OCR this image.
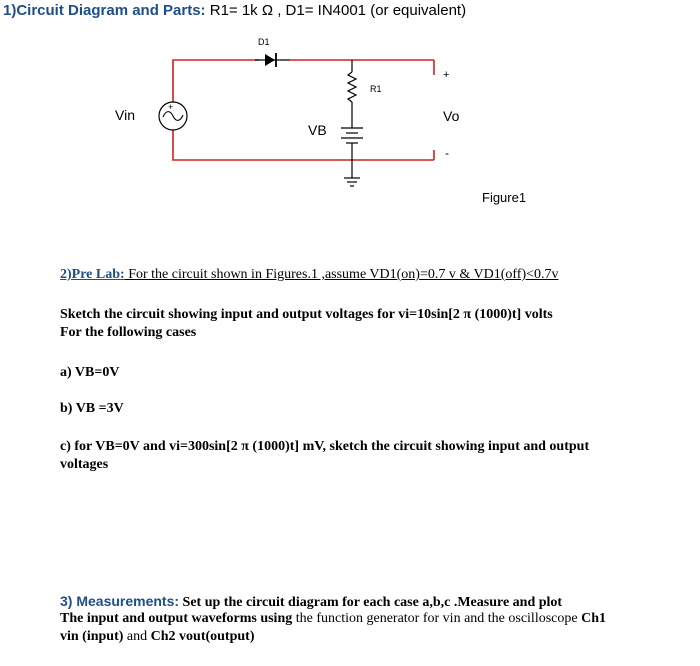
1)Circuit Diagram and Parts: R1= 1k Ω , D1= IN4001 (or equivalent)
D1
R1
VB
+
Vin
+
Vo
-
Figure1
2)Pre Lab: For the circuit shown in Figures.1 ,assume VD1(on)=0.7 v & VD1(off)<0.7v
Sketch the circuit showing input and output voltages for vi=10sin[2 π (1000)t] volts
For the following cases
a) VB=0V
b) VB =3V
c) for VB=0V and vi=300sin[2 π (1000)t] mV, sketch the circuit showing input and output
voltages
3) Measurements: Set up the circuit diagram for each case a,b,c .Measure and plot
The input and output waveforms using the function generator for vin and the oscilloscope Ch1
vin (input) and Ch2 vout(output)
